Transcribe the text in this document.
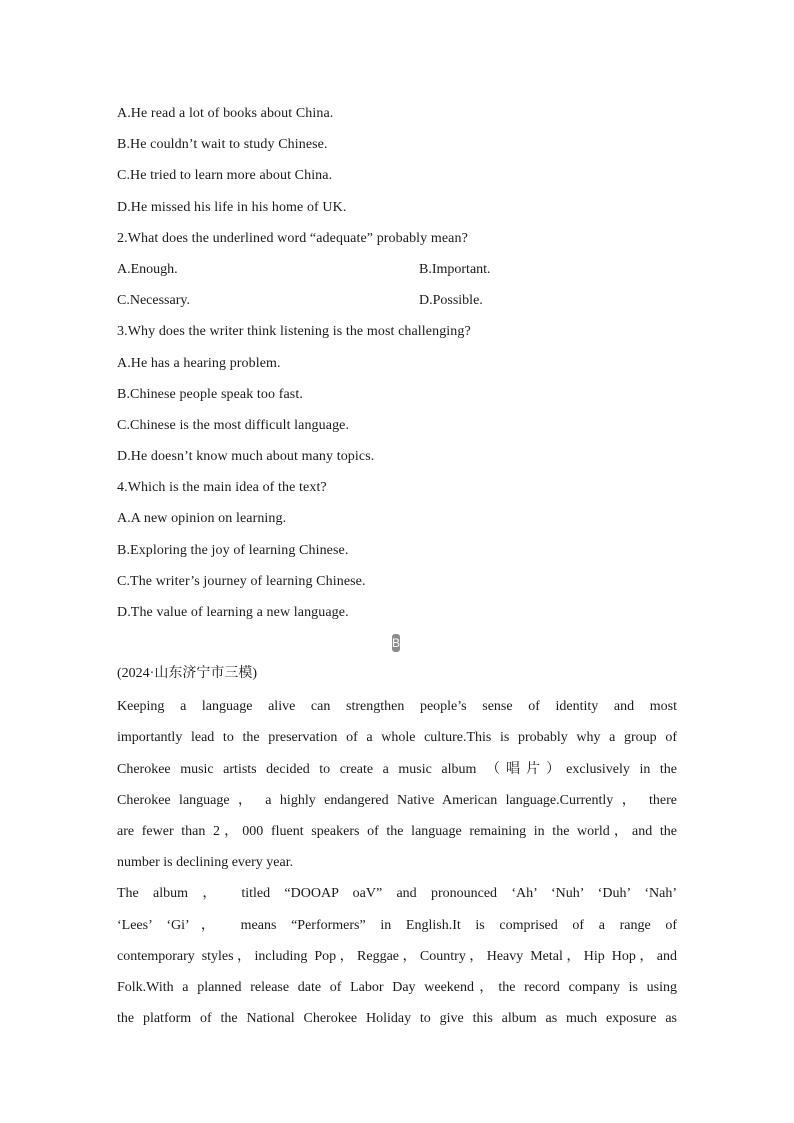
A.He read a lot of books about China.
B.He couldn’t wait to study Chinese.
C.He tried to learn more about China.
D.He missed his life in his home of UK.
2.What does the underlined word “adequate” probably mean?
A.Enough.	B.Important.
C.Necessary.	D.Possible.
3.Why does the writer think listening is the most challenging?
A.He has a hearing problem.
B.Chinese people speak too fast.
C.Chinese is the most difficult language.
D.He doesn’t know much about many topics.
4.Which is the main idea of the text?
A.A new opinion on learning.
B.Exploring the joy of learning Chinese.
C.The writer’s journey of learning Chinese.
D.The value of learning a new language.
B
(2024·山东济宁市三模)
Keeping a language alive can strengthen people’s sense of identity and most
importantly lead to the preservation of a whole culture.This is probably why a group of
Cherokee music artists decided to create a music album （唱片）exclusively in the
Cherokee language ， a highly endangered Native American language.Currently ， there
are fewer than 2，000 fluent speakers of the language remaining in the world，and the
number is declining every year.
The album ， titled “DOOAP oaV” and pronounced ‘Ah’ ‘Nuh’ ‘Duh’ ‘Nah’
‘Lees’ ‘Gi’， means “Performers” in English.It is comprised of a range of
contemporary styles，including Pop，Reggae，Country，Heavy Metal，Hip Hop，and
Folk.With a planned release date of Labor Day weekend，the record company is using
the platform of the National Cherokee Holiday to give this album as much exposure as
